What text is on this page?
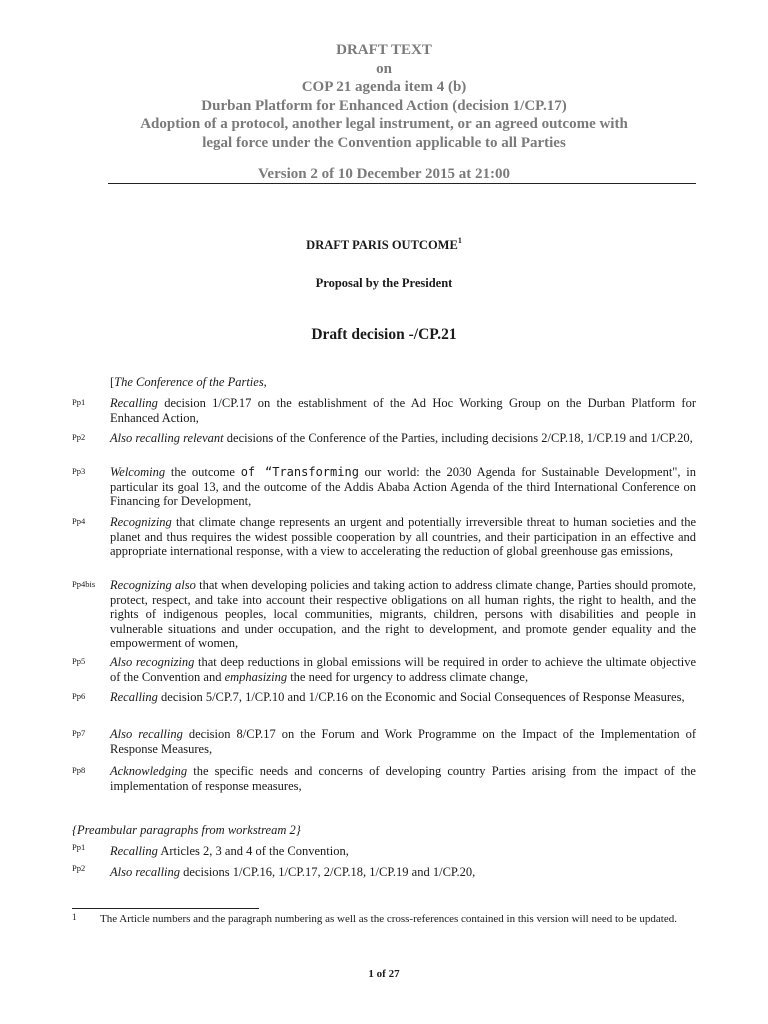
DRAFT TEXT
on
COP 21 agenda item 4 (b)
Durban Platform for Enhanced Action (decision 1/CP.17)
Adoption of a protocol, another legal instrument, or an agreed outcome with
legal force under the Convention applicable to all Parties
Version 2 of 10 December 2015 at 21:00
DRAFT PARIS OUTCOME$^1$
Proposal by the President
Draft decision -/CP.21
[The Conference of the Parties,
Pp1 Recalling decision 1/CP.17 on the establishment of the Ad Hoc Working Group on the Durban Platform for Enhanced Action,
Pp2 Also recalling relevant decisions of the Conference of the Parties, including decisions 2/CP.18, 1/CP.19 and 1/CP.20,
Pp3 Welcoming the outcome of “Transforming our world: the 2030 Agenda for Sustainable Development", in particular its goal 13, and the outcome of the Addis Ababa Action Agenda of the third International Conference on Financing for Development,
Pp4 Recognizing that climate change represents an urgent and potentially irreversible threat to human societies and the planet and thus requires the widest possible cooperation by all countries, and their participation in an effective and appropriate international response, with a view to accelerating the reduction of global greenhouse gas emissions,
Pp4bis Recognizing also that when developing policies and taking action to address climate change, Parties should promote, protect, respect, and take into account their respective obligations on all human rights, the right to health, and the rights of indigenous peoples, local communities, migrants, children, persons with disabilities and people in vulnerable situations and under occupation, and the right to development, and promote gender equality and the empowerment of women,
Pp5 Also recognizing that deep reductions in global emissions will be required in order to achieve the ultimate objective of the Convention and emphasizing the need for urgency to address climate change,
Pp6 Recalling decision 5/CP.7, 1/CP.10 and 1/CP.16 on the Economic and Social Consequences of Response Measures,
Pp7 Also recalling decision 8/CP.17 on the Forum and Work Programme on the Impact of the Implementation of Response Measures,
Pp8 Acknowledging the specific needs and concerns of developing country Parties arising from the impact of the implementation of response measures,
{Preambular paragraphs from workstream 2}
Pp1 Recalling Articles 2, 3 and 4 of the Convention,
Pp2 Also recalling decisions 1/CP.16, 1/CP.17, 2/CP.18, 1/CP.19 and 1/CP.20,
1 The Article numbers and the paragraph numbering as well as the cross-references contained in this version will need to be updated.
1 of 27
